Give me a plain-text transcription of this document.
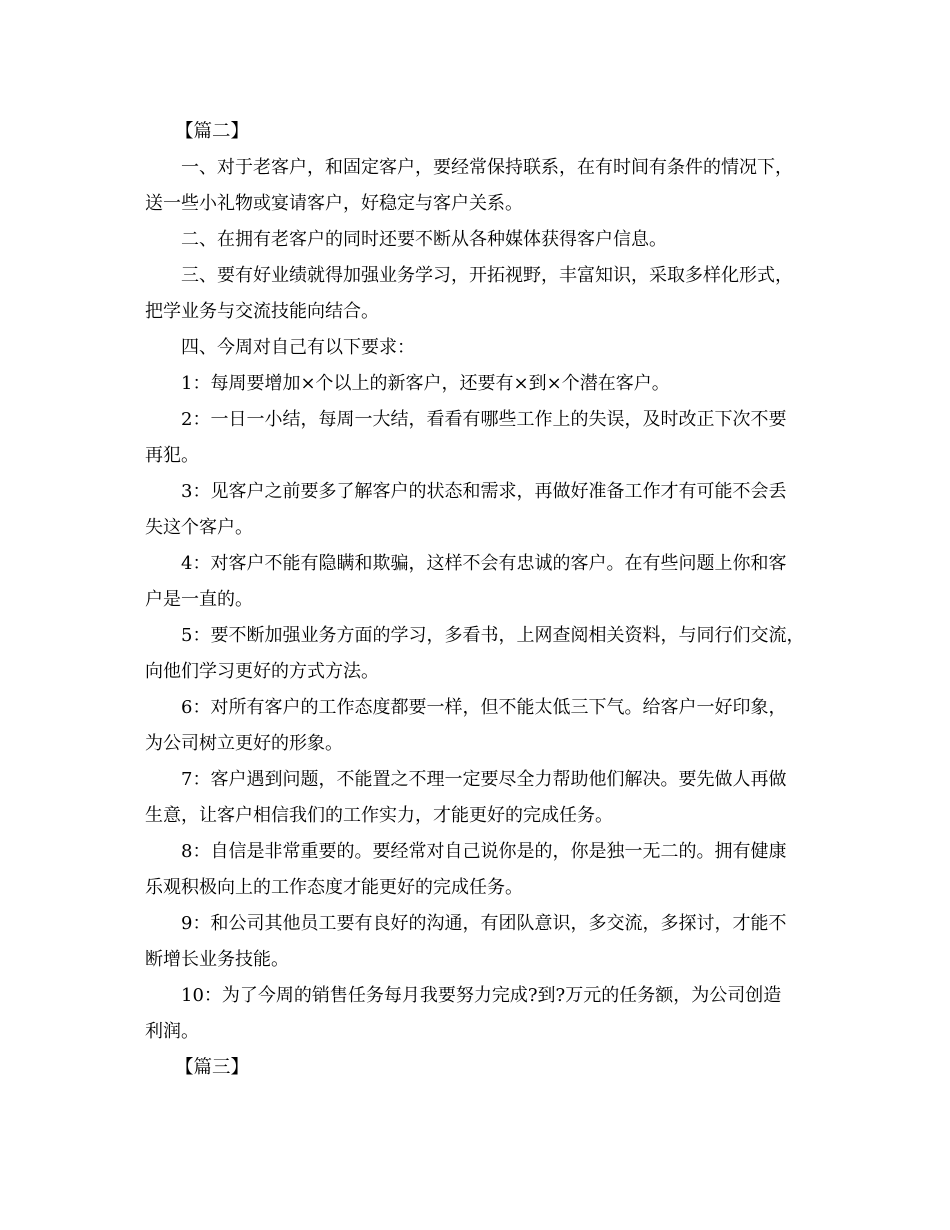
【篇二】
一、对于老客户，和固定客户，要经常保持联系，在有时间有条件的情况下，
送一些小礼物或宴请客户，好稳定与客户关系。
二、在拥有老客户的同时还要不断从各种媒体获得客户信息。
三、要有好业绩就得加强业务学习，开拓视野，丰富知识，采取多样化形式，
把学业务与交流技能向结合。
四、今周对自己有以下要求：
1：每周要增加×个以上的新客户，还要有×到×个潜在客户。
2：一日一小结，每周一大结，看看有哪些工作上的失误，及时改正下次不要
再犯。
3：见客户之前要多了解客户的状态和需求，再做好准备工作才有可能不会丢
失这个客户。
4：对客户不能有隐瞒和欺骗，这样不会有忠诚的客户。在有些问题上你和客
户是一直的。
5：要不断加强业务方面的学习，多看书，上网查阅相关资料，与同行们交流，
向他们学习更好的方式方法。
6：对所有客户的工作态度都要一样，但不能太低三下气。给客户一好印象，
为公司树立更好的形象。
7：客户遇到问题，不能置之不理一定要尽全力帮助他们解决。要先做人再做
生意，让客户相信我们的工作实力，才能更好的完成任务。
8：自信是非常重要的。要经常对自己说你是的，你是独一无二的。拥有健康
乐观积极向上的工作态度才能更好的完成任务。
9：和公司其他员工要有良好的沟通，有团队意识，多交流，多探讨，才能不
断增长业务技能。
10：为了今周的销售任务每月我要努力完成?到?万元的任务额，为公司创造
利润。
【篇三】
